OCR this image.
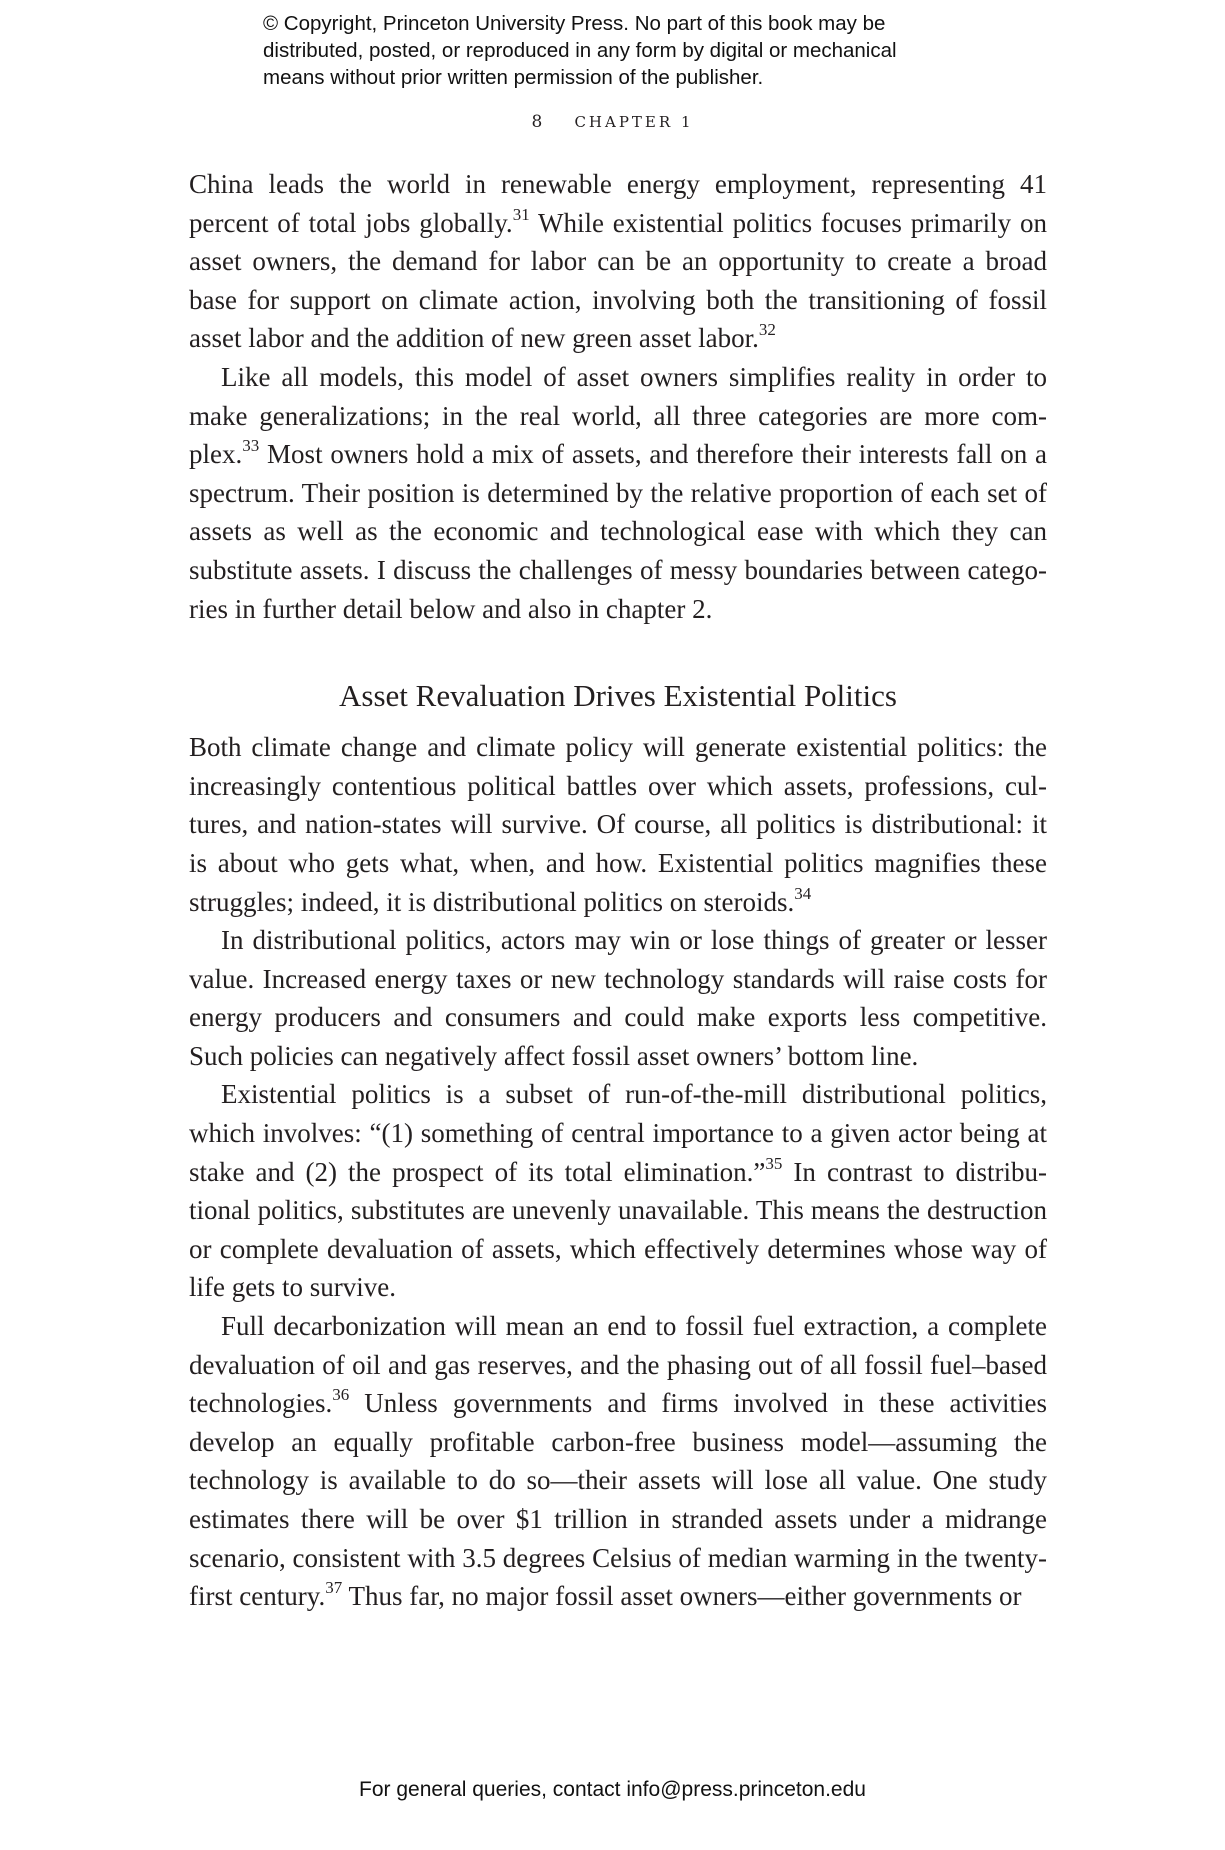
© Copyright, Princeton University Press. No part of this book may be
distributed, posted, or reproduced in any form by digital or mechanical
means without prior written permission of the publisher.
8 CHAPTER 1

China leads the world in renewable energy employment, representing 41 percent of total jobs globally.$^{31}$ While existential politics focuses primarily on asset owners, the demand for labor can be an opportunity to create a broad base for support on climate action, involving both the transitioning of fossil asset labor and the addition of new green asset labor.$^{32}$

Like all models, this model of asset owners simplifies reality in order to make generalizations; in the real world, all three categories are more complex.$^{33}$ Most owners hold a mix of assets, and therefore their interests fall on a spectrum. Their position is determined by the relative proportion of each set of assets as well as the economic and technological ease with which they can substitute assets. I discuss the challenges of messy boundaries between categories in further detail below and also in chapter 2.

Asset Revaluation Drives Existential Politics

Both climate change and climate policy will generate existential politics: the increasingly contentious political battles over which assets, professions, cultures, and nation-states will survive. Of course, all politics is distributional: it is about who gets what, when, and how. Existential politics magnifies these struggles; indeed, it is distributional politics on steroids.$^{34}$

In distributional politics, actors may win or lose things of greater or lesser value. Increased energy taxes or new technology standards will raise costs for energy producers and consumers and could make exports less competitive. Such policies can negatively affect fossil asset owners’ bottom line.

Existential politics is a subset of run-of-the-mill distributional politics, which involves: “(1) something of central importance to a given actor being at stake and (2) the prospect of its total elimination.”$^{35}$ In contrast to distributional politics, substitutes are unevenly unavailable. This means the destruction or complete devaluation of assets, which effectively determines whose way of life gets to survive.

Full decarbonization will mean an end to fossil fuel extraction, a complete devaluation of oil and gas reserves, and the phasing out of all fossil fuel–based technologies.$^{36}$ Unless governments and firms involved in these activities develop an equally profitable carbon-free business model—assuming the technology is available to do so—their assets will lose all value. One study estimates there will be over $1 trillion in stranded assets under a midrange scenario, consistent with 3.5 degrees Celsius of median warming in the twenty-first century.$^{37}$ Thus far, no major fossil asset owners—either governments or

For general queries, contact info@press.princeton.edu
